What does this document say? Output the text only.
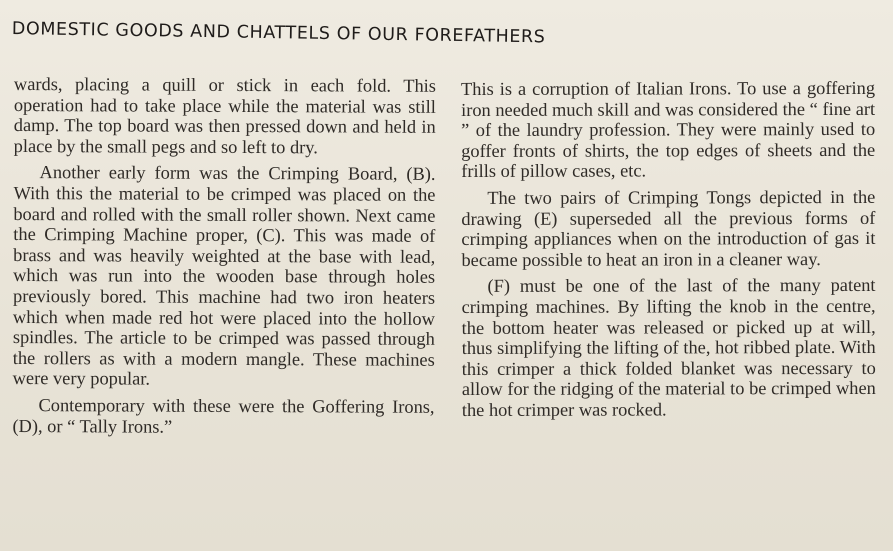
DOMESTIC GOODS AND CHATTELS OF OUR FOREFATHERS

wards, placing a quill or stick in each fold. This operation had to take place while the material was still damp. The top board was then pressed down and held in place by the small pegs and so left to dry.

Another early form was the Crimping Board, (B). With this the material to be crimped was placed on the board and rolled with the small roller shown. Next came the Crimping Machine proper, (C). This was made of brass and was heavily weighted at the base with lead, which was run into the wooden base through holes previously bored. This machine had two iron heaters which when made red hot were placed into the hollow spindles. The article to be crimped was passed through the rollers as with a modern mangle. These machines were very popular.

Contemporary with these were the Goffering Irons, (D), or “ Tally Irons.”

This is a corruption of Italian Irons. To use a goffering iron needed much skill and was considered the “ fine art ” of the laundry profession. They were mainly used to goffer fronts of shirts, the top edges of sheets and the frills of pillow cases, etc.

The two pairs of Crimping Tongs depicted in the drawing (E) superseded all the previous forms of crimping appliances when on the introduction of gas it became possible to heat an iron in a cleaner way.

(F) must be one of the last of the many patent crimping machines. By lifting the knob in the centre, the bottom heater was released or picked up at will, thus simplifying the lifting of the, hot ribbed plate. With this crimper a thick folded blanket was necessary to allow for the ridging of the material to be crimped when the hot crimper was rocked.
